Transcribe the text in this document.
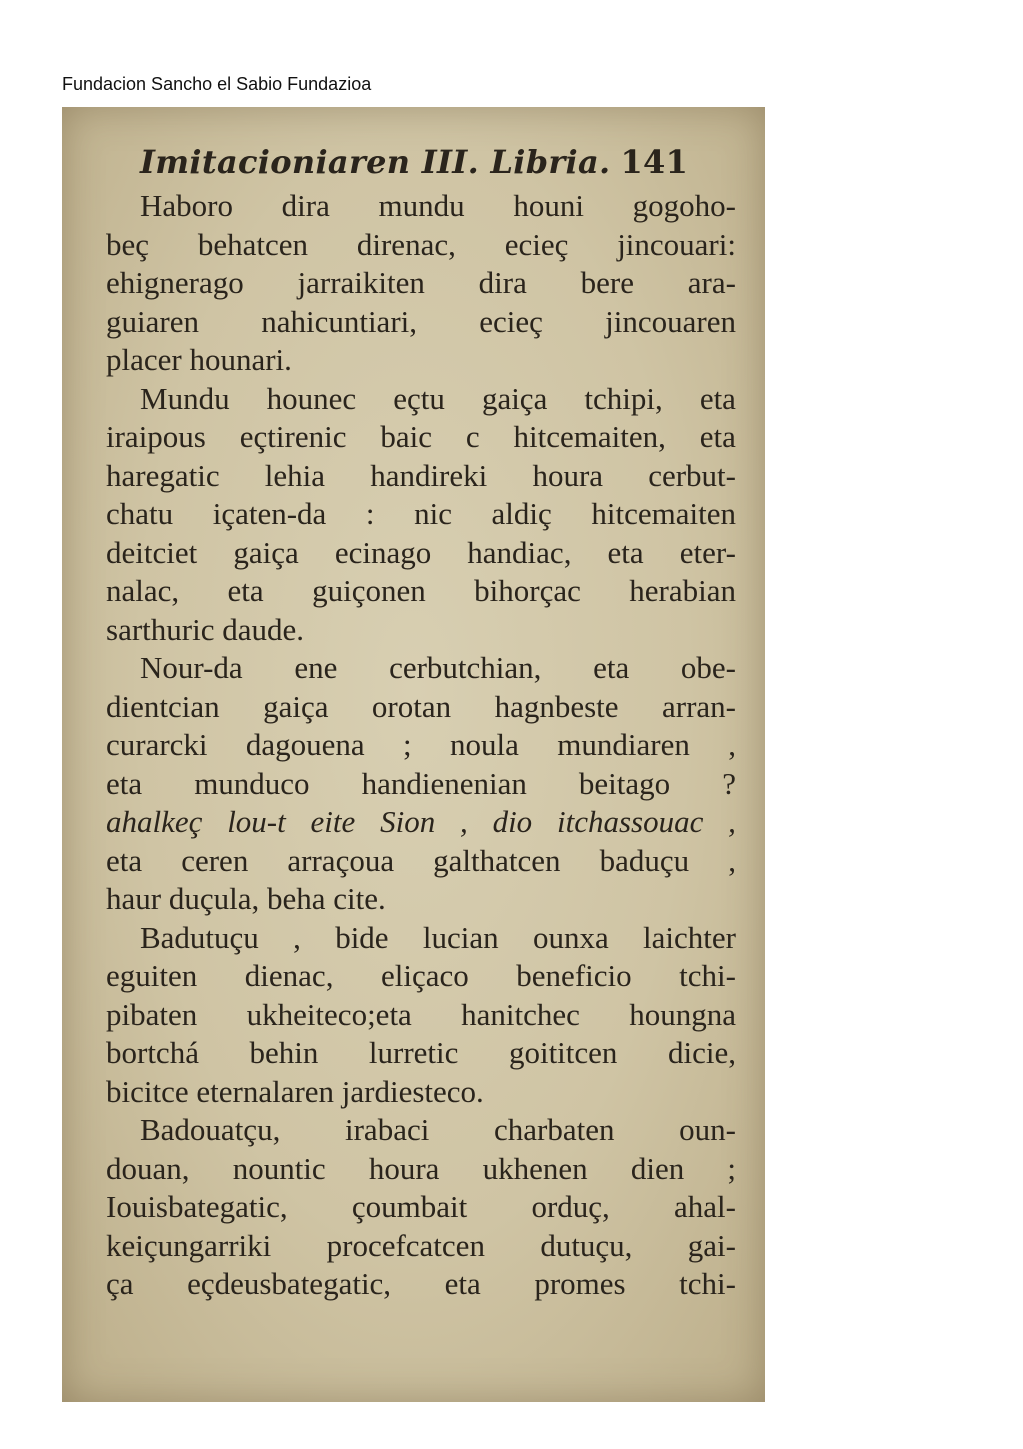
Fundacion Sancho el Sabio Fundazioa
Imitacioniaren III. Libria. 141
Haboro dira mundu houni gogoho-
beç behatcen direnac, ecieç jincouari:
ehignerago jarraikiten dira bere ara-
guiaren nahicuntiari, ecieç jincouaren
placer hounari.
Mundu hounec eçtu gaiça tchipi, eta
iraipous eçtirenic baic c hitcemaiten, eta
haregatic lehia handireki houra cerbut-
chatu içaten-da : nic aldiç hitcemaiten
deitciet gaiça ecinago handiac, eta eter-
nalac, eta guiçonen bihorçac herabian
sarthuric daude.
Nour-da ene cerbutchian, eta obe-
dientcian gaiça orotan hagnbeste arran-
curarcki dagouena ; noula mundiaren ,
eta munduco handienenian beitago ?
ahalkeç lou-t eite Sion , dio itchassouac ,
eta ceren arraçoua galthatcen baduçu ,
haur duçula, beha cite.
Badutuçu , bide lucian ounxa laichter
eguiten dienac, eliçaco beneficio tchi-
pibaten ukheiteco;eta hanitchec houngna
bortchá behin lurretic goititcen dicie,
bicitce eternalaren jardiesteco.
Badouatçu, irabaci charbaten oun-
douan, nountic houra ukhenen dien ;
Iouisbategatic, çoumbait orduç, ahal-
keiçungarriki procefcatcen dutuçu, gai-
ça eçdeusbategatic, eta promes tchi-
